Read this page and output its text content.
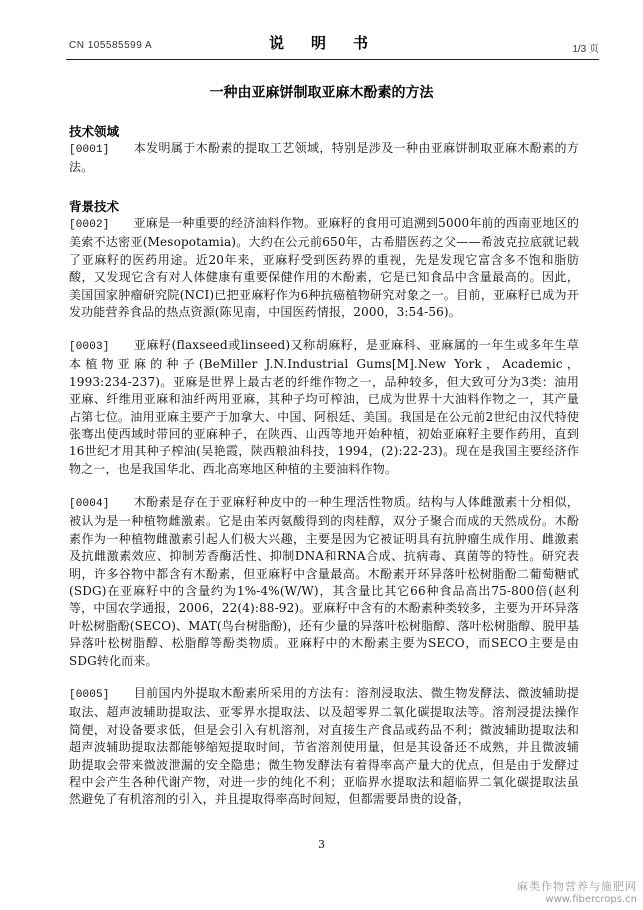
CN 105585599 A	说　明　书	1/3 页
一种由亚麻饼制取亚麻木酚素的方法
技术领域
[0001] 本发明属于木酚素的提取工艺领域，特别是涉及一种由亚麻饼制取亚麻木酚素的方法。
背景技术
[0002] 亚麻是一种重要的经济油料作物。亚麻籽的食用可追溯到5000年前的西南亚地区的美索不达密亚(Mesopotamia)。大约在公元前650年，古希腊医药之父——希波克拉底就记载了亚麻籽的医药用途。近20年来，亚麻籽受到医药界的重视，先是发现它富含多不饱和脂肪酸，又发现它含有对人体健康有重要保健作用的木酚素，它是已知食品中含量最高的。因此，美国国家肿瘤研究院(NCI)已把亚麻籽作为6种抗癌植物研究对象之一。目前，亚麻籽已成为开发功能营养食品的热点资源(陈见南，中国医药情报，2000，3:54-56)。
[0003] 亚麻籽(flaxseed或linseed)又称胡麻籽，是亚麻科、亚麻属的一年生或多年生草本植物亚麻的种子(BeMiller J.N.Industrial Gums[M].New York，Academic，1993:234-237)。亚麻是世界上最古老的纤维作物之一，品种较多，但大致可分为3类：油用亚麻、纤维用亚麻和油纤两用亚麻，其种子均可榨油，已成为世界十大油料作物之一，其产量占第七位。油用亚麻主要产于加拿大、中国、阿根廷、美国。我国是在公元前2世纪由汉代特使张骞出使西域时带回的亚麻种子，在陕西、山西等地开始种植，初始亚麻籽主要作药用，直到16世纪才用其种子榨油(吴艳霞，陕西粮油科技，1994，(2):22-23)。现在是我国主要经济作物之一，也是我国华北、西北高寒地区种植的主要油料作物。
[0004] 木酚素是存在于亚麻籽种皮中的一种生理活性物质。结构与人体雌激素十分相似，被认为是一种植物雌激素。它是由苯丙氨酸得到的肉桂醇，双分子聚合而成的天然成份。木酚素作为一种植物雌激素引起人们极大兴趣，主要是因为它被证明具有抗肿瘤生成作用、雌激素及抗雌激素效应、抑制芳香酶活性、抑制DNA和RNA合成、抗病毒、真菌等的特性。研究表明，许多谷物中都含有木酚素，但亚麻籽中含量最高。木酚素开环异落叶松树脂酚二葡萄糖甙(SDG)在亚麻籽中的含量约为1%-4%(W/W)，其含量比其它66种食品高出75-800倍(赵利等，中国农学通报，2006，22(4):88-92)。亚麻籽中含有的木酚素种类较多，主要为开环异落叶松树脂酚(SECO)、MAT(鸟台树脂酚)，还有少量的异落叶松树脂醇、落叶松树脂醇、脱甲基异落叶松树脂醇、松脂醇等酚类物质。亚麻籽中的木酚素主要为SECO，而SECO主要是由SDG转化而来。
[0005] 目前国内外提取木酚素所采用的方法有：溶剂浸取法、微生物发酵法、微波辅助提取法、超声波辅助提取法、亚零界水提取法、以及超零界二氧化碳提取法等。溶剂浸提法操作简便，对设备要求低，但是会引入有机溶剂，对直接生产食品或药品不利；微波辅助提取法和超声波辅助提取法都能够缩短提取时间，节省溶剂使用量，但是其设备还不成熟，并且微波辅助提取会带来微波泄漏的安全隐患；微生物发酵法有着得率高产量大的优点，但是由于发酵过程中会产生各种代谢产物，对进一步的纯化不利；亚临界水提取法和超临界二氧化碳提取法虽然避免了有机溶剂的引入，并且提取得率高时间短，但都需要昂贵的设备，
3
麻类作物营养与施肥网
www.fibercrops.cn
